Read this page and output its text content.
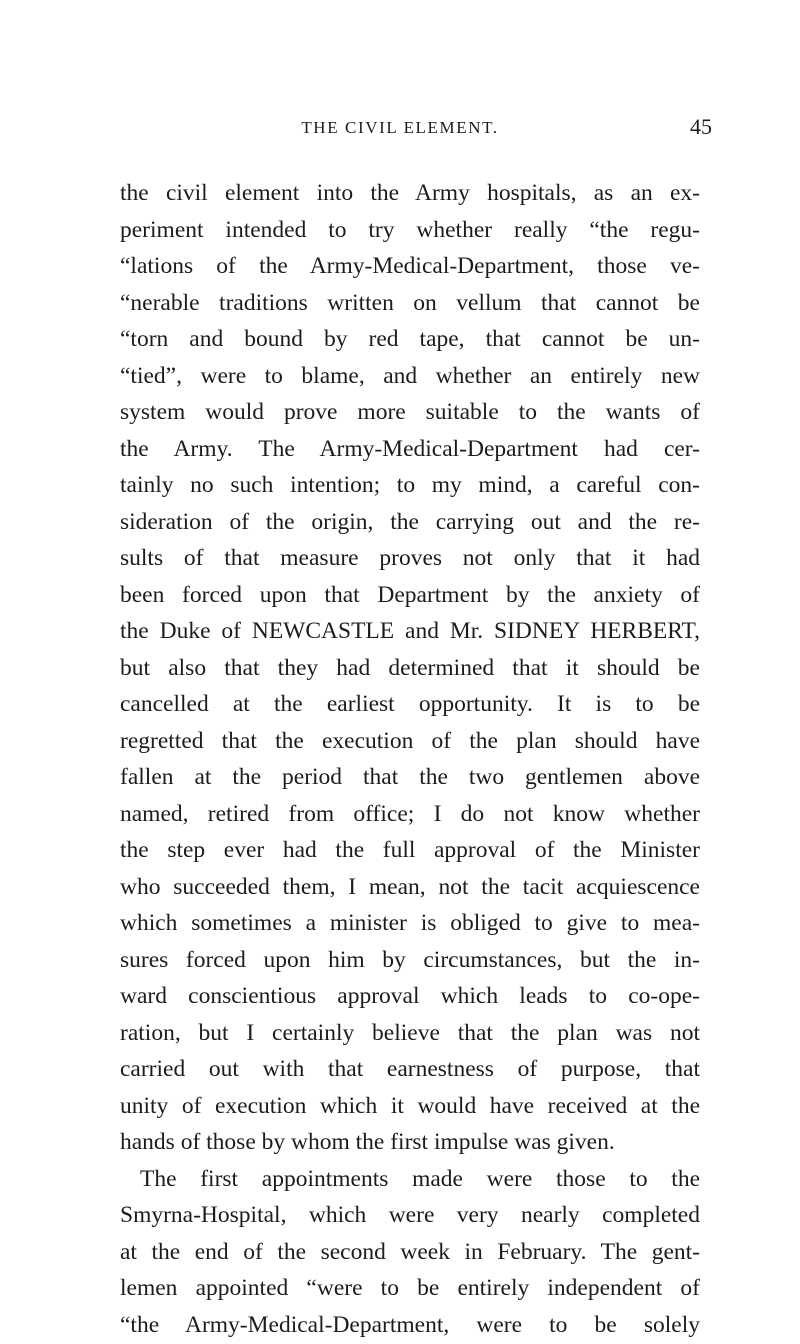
THE CIVIL ELEMENT.	45
the civil element into the Army hospitals, as an ex-
periment intended to try whether really “the regu-
“lations of the Army-Medical-Department, those ve-
“nerable traditions written on vellum that cannot be
“torn and bound by red tape, that cannot be un-
“tied”, were to blame, and whether an entirely new
system would prove more suitable to the wants of
the Army. The Army-Medical-Department had cer-
tainly no such intention; to my mind, a careful con-
sideration of the origin, the carrying out and the re-
sults of that measure proves not only that it had
been forced upon that Department by the anxiety of
the Duke of NEWCASTLE and Mr. SIDNEY HERBERT,
but also that they had determined that it should be
cancelled at the earliest opportunity. It is to be
regretted that the execution of the plan should have
fallen at the period that the two gentlemen above
named, retired from office; I do not know whether
the step ever had the full approval of the Minister
who succeeded them, I mean, not the tacit acquiescence
which sometimes a minister is obliged to give to mea-
sures forced upon him by circumstances, but the in-
ward conscientious approval which leads to co-ope-
ration, but I certainly believe that the plan was not
carried out with that earnestness of purpose, that
unity of execution which it would have received at the
hands of those by whom the first impulse was given.
The first appointments made were those to the
Smyrna-Hospital, which were very nearly completed
at the end of the second week in February. The gent-
lemen appointed “were to be entirely independent of
“the Army-Medical-Department, were to be solely
